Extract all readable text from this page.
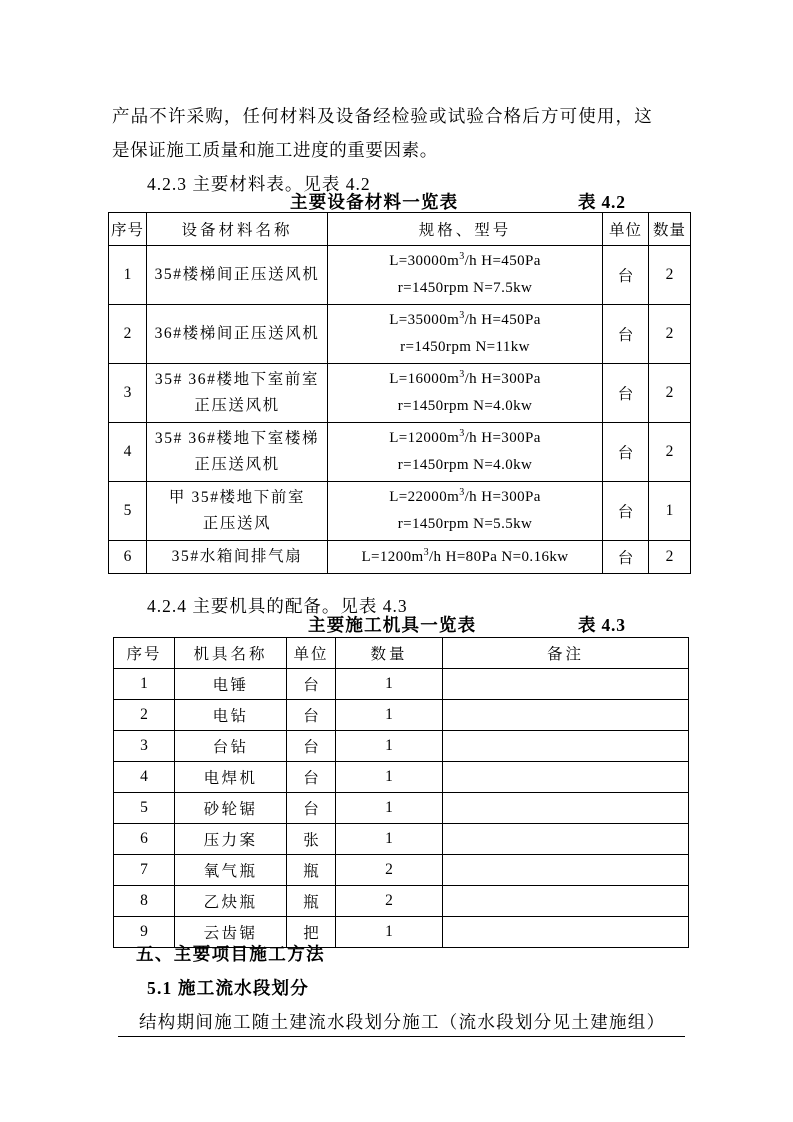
产品不许采购，任何材料及设备经检验或试验合格后方可使用，这
是保证施工质量和施工进度的重要因素。
4.2.3 主要材料表。见表 4.2
主要设备材料一览表	表 4.2
序号	设备材料名称	规格、型号	单位	数量
1	35#楼梯间正压送风机	$L=30000m^3/h$ H=450Pa
r=1450rpm N=7.5kw	台	2
2	36#楼梯间正压送风机	$L=35000m^3/h$ H=450Pa
r=1450rpm N=11kw	台	2
3	35# 36#楼地下室前室
正压送风机	$L=16000m^3/h$ H=300Pa
r=1450rpm N=4.0kw	台	2
4	35# 36#楼地下室楼梯
正压送风机	$L=12000m^3/h$ H=300Pa
r=1450rpm N=4.0kw	台	2
5	甲 35#楼地下前室
正压送风	$L=22000m^3/h$ H=300Pa
r=1450rpm N=5.5kw	台	1
6	35#水箱间排气扇	$L=1200m^3/h$ H=80Pa N=0.16kw	台	2
4.2.4 主要机具的配备。见表 4.3
主要施工机具一览表	表 4.3
序号	机具名称	单位	数量	备注
1	电锤	台	1	
2	电钻	台	1	
3	台钻	台	1	
4	电焊机	台	1	
5	砂轮锯	台	1	
6	压力案	张	1	
7	氧气瓶	瓶	2	
8	乙炔瓶	瓶	2	
9	云齿锯	把	1	
五、主要项目施工方法
5.1 施工流水段划分
结构期间施工随土建流水段划分施工（流水段划分见土建施组）
